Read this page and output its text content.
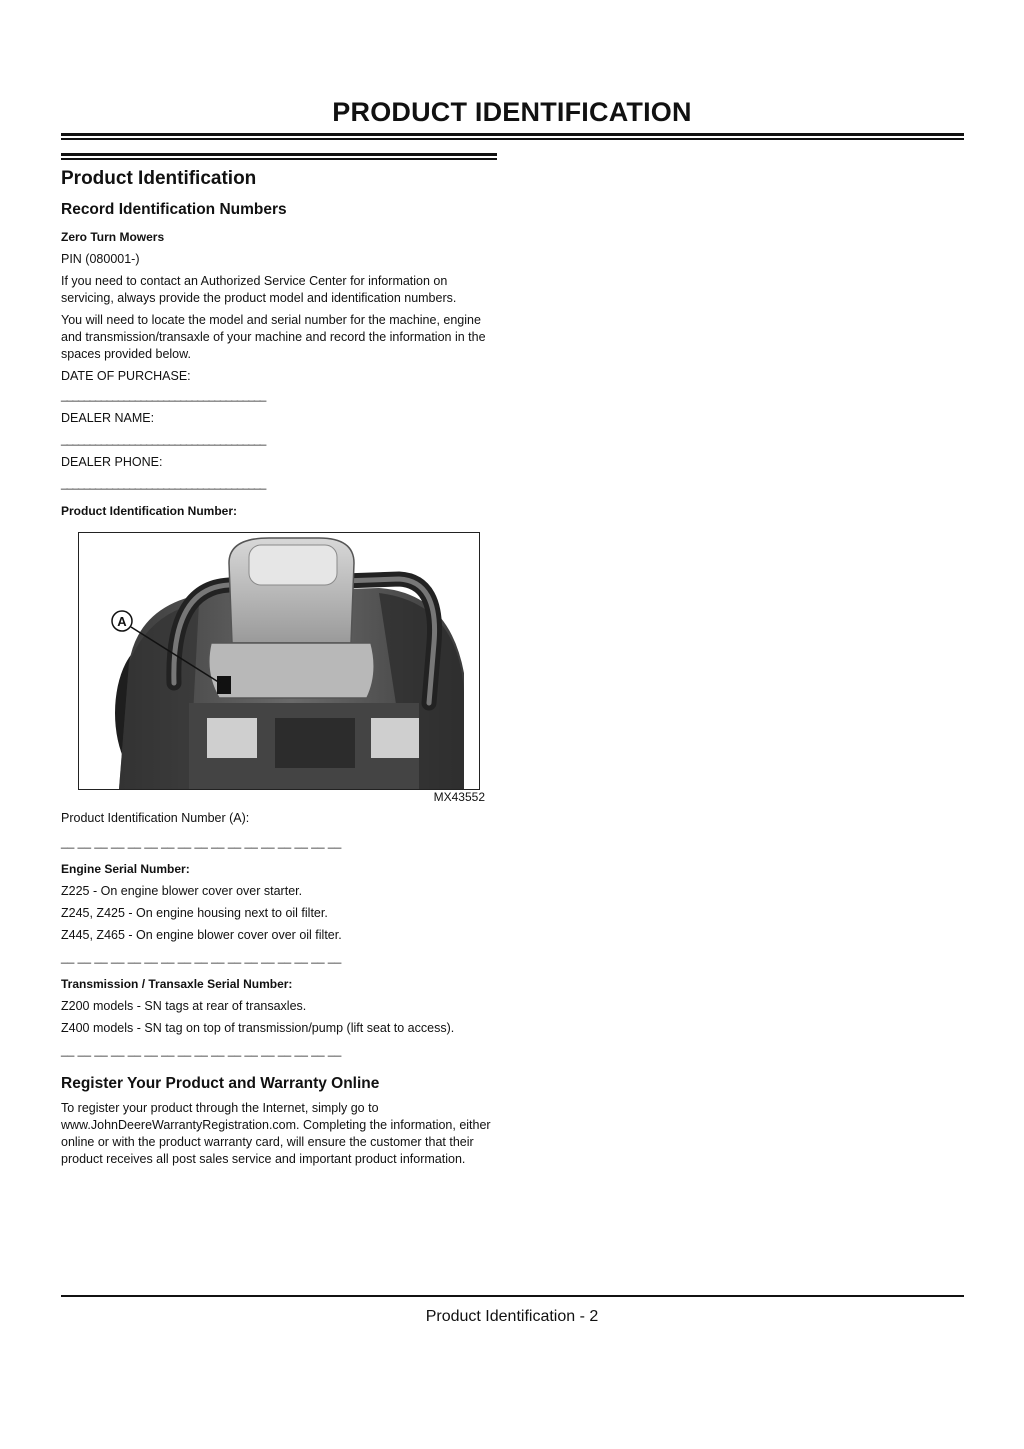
PRODUCT IDENTIFICATION
Product Identification
Record Identification Numbers

Zero Turn Mowers

PIN (080001-)

If you need to contact an Authorized Service Center for information on servicing, always provide the product model and identification numbers.

You will need to locate the model and serial number for the machine, engine and transmission/transaxle of your machine and record the information in the spaces provided below.

DATE OF PURCHASE:

____________________________________

DEALER NAME:

____________________________________

DEALER PHONE:

____________________________________

Product Identification Number:

A
MX43552

Product Identification Number (A):

__ __ __ __ __ __ __ __ __ __ __ __ __ __ __ __ __

Engine Serial Number:

Z225 - On engine blower cover over starter.

Z245, Z425 - On engine housing next to oil filter.

Z445, Z465 - On engine blower cover over oil filter.

__ __ __ __ __ __ __ __ __ __ __ __ __ __ __ __ __

Transmission / Transaxle Serial Number:

Z200 models - SN tags at rear of transaxles.

Z400 models - SN tag on top of transmission/pump (lift seat to access).

__ __ __ __ __ __ __ __ __ __ __ __ __ __ __ __ __
Register Your Product and Warranty Online

To register your product through the Internet, simply go to www.JohnDeereWarrantyRegistration.com. Completing the information, either online or with the product warranty card, will ensure the customer that their product receives all post sales service and important product information.

Product Identification - 2
